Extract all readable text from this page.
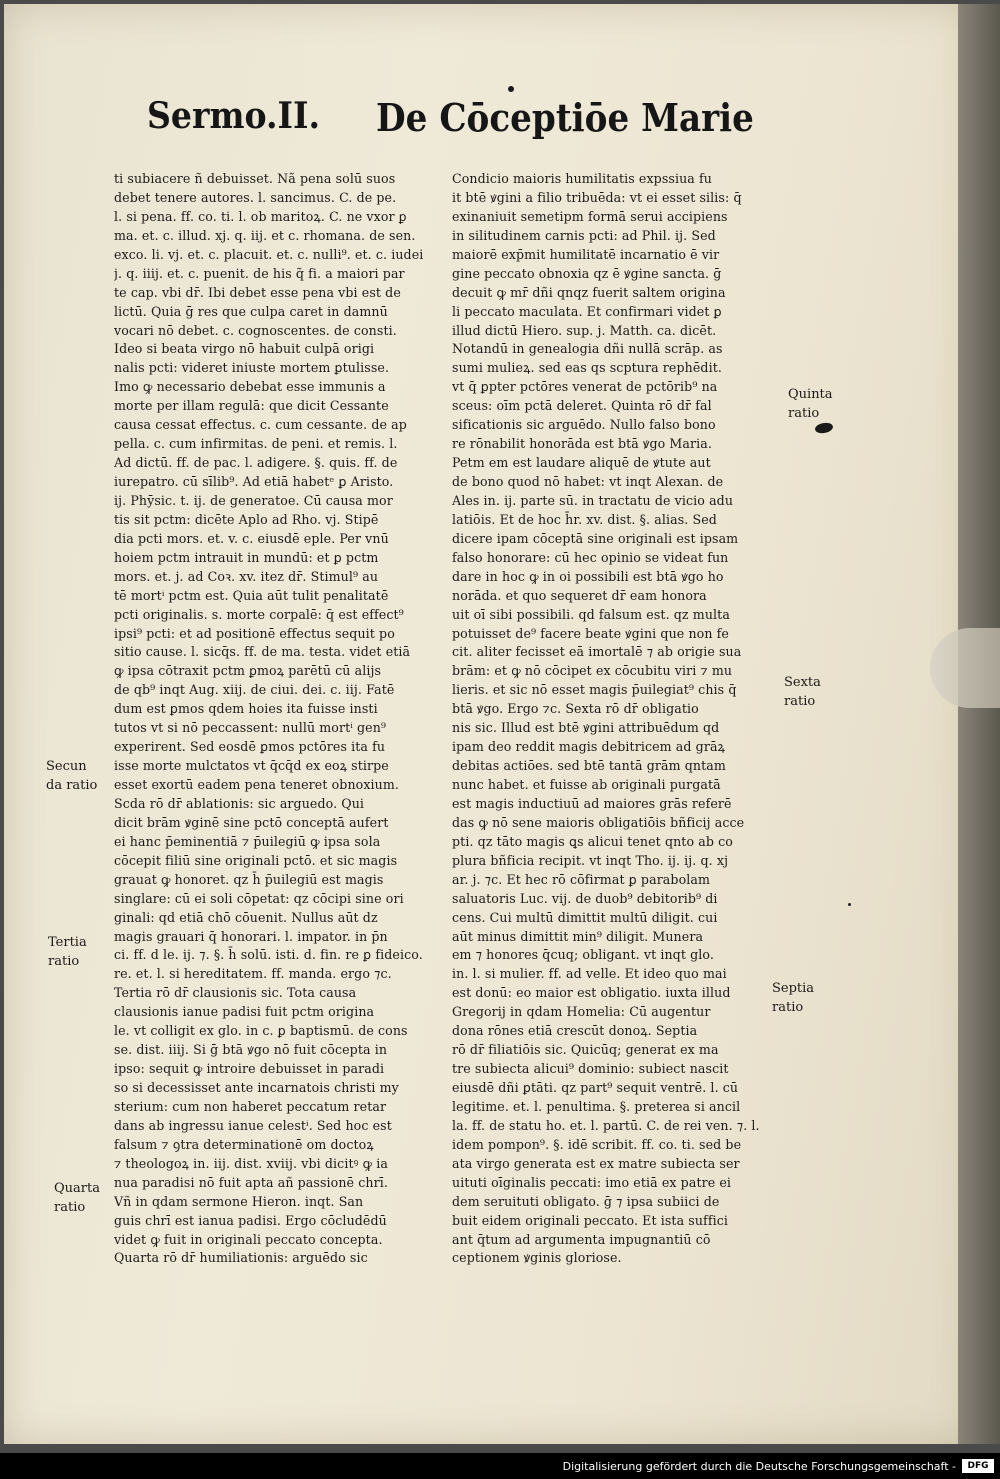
Sermo.II. De Cōceptiōe Marie
ti subiacere ñ debuisset. Nã pena solū suos
debet tenere autores. l. sancimus. C. de pe.
l. si pena. ff. co. ti. l. ob maritoꝝ. C. ne vxor ꝑ
ma. et. c. illud. xj. q. iij. et c. rhomana. de sen.
exco. li. vj. et. c. placuit. et. c. nulli⁹. et. c. iudei
j. q. iiij. et. c. puenit. de his q̃ fi. a maiori par
te cap. vbi dr̄. Ibi debet esse pena vbi est de
lictū. Quia ḡ res que culpa caret in damnū
vocari nō debet. c. cognoscentes. de consti.
Ideo si beata virgo nō habuit culpā origi
nalis pcti: videret iniuste mortem ꝑtulisse.
Imo ꝙ necessario debebat esse immunis a
morte per illam regulā: que dicit Cessante
causa cessat effectus. c. cum cessante. de ap
pella. c. cum infirmitas. de peni. et remis. l.
Ad dictū. ff. de pac. l. adigere. §. quis. ff. de
iurepatro. cū sīlib⁹. Ad etiā habetᵉ ꝑ Aristo.
ij. Phȳsic. t. ij. de generatoe. Cū causa mor
tis sit pctm: dicēte Aplo ad Rho. vj. Stipē
dia pcti mors. et. v. c. eiusdē eple. Per vnū
hoiem pctm intrauit in mundū: et ꝑ pctm
mors. et. j. ad Coꝛ. xv. itez dr̄. Stimul⁹ au
tē mortⁱ pctm est. Quia aūt tulit penalitatē
pcti originalis. s. morte corpalē: q̄ est effect⁹
ipsi⁹ pcti: et ad positionē effectus sequit po
sitio cause. l. sicq̄s. ff. de ma. testa. videt etiā
ꝙ ipsa cōtraxit pctm ꝑmoꝝ parētū cū alijs
de qb⁹ inqt Aug. xiij. de ciui. dei. c. iij. Fatē
dum est ꝑmos qdem hoies ita fuisse insti
tutos vt si nō peccassent: nullū mortⁱ gen⁹
experirent. Sed eosdē ꝑmos pctōres ita fu
isse morte mulctatos vt q̄cq̄d ex eoꝝ stirpe
esset exortū eadem pena teneret obnoxium.
Scda rō dr̄ ablationis: sic arguedo. Qui
dicit brām ꝟginē sine pctō conceptā aufert
ei hanc p̄eminentiā ⁊ p̄uilegiū ꝙ ipsa sola
cōcepit filiū sine originali pctō. et sic magis
grauat ꝙ honoret. qz h̄ p̄uilegiū est magis
singlare: cū ei soli cōpetat: qz cōcipi sine ori
ginali: qd etiā chō cōuenit. Nullus aūt dz
magis grauari q̄ honorari. l. impator. in p̄n
ci. ff. d le. ij. ⁊. §. h̄ solū. isti. d. fin. re ꝑ fideico.
re. et. l. si hereditatem. ff. manda. ergo ⁊c.
Tertia rō dr̄ clausionis sic. Tota causa
clausionis ianue padisi fuit pctm origina
le. vt colligit ex glo. in c. ꝑ baptismū. de cons
se. dist. iiij. Si ḡ btā ꝟgo nō fuit cōcepta in
ipso: sequit ꝙ introire debuisset in paradi
so si decessisset ante incarnatois christi my
sterium: cum non haberet peccatum retar
dans ab ingressu ianue celestⁱ. Sed hoc est
falsum ⁊ ꝯtra determinationē om doctoꝝ
⁊ theologoꝝ in. iij. dist. xviij. vbi dicitꝰ ꝙ ia
nua paradisi nō fuit apta añ passionē chrī.
Vñ in qdam sermone Hieron. inqt. San
guis chrī est ianua padisi. Ergo cōcludēdū
videt ꝙ fuit in originali peccato concepta.
Quarta rō dr̄ humiliationis: arguēdo sic
Condicio maioris humilitatis expssiua fu
it btē ꝟgini a filio tribuēda: vt ei esset silis: q̄
exinaniuit semetipm formā serui accipiens
in silitudinem carnis pcti: ad Phil. ij. Sed
maiorē exp̄mit humilitatē incarnatio ē vir
gine peccato obnoxia qz ē ꝟgine sancta. ḡ
decuit ꝙ mr̄ dñi qnqz fuerit saltem origina
li peccato maculata. Et confirmari videt ꝑ
illud dictū Hiero. sup. j. Matth. ca. dicēt.
Notandū in genealogia dñi nullā scrāp. as
sumi mulieꝝ. sed eas qs scptura rephēdit.
vt q̄ ꝑpter pctōres venerat de pctōrib⁹ na
sceus: oīm pctā deleret. Quinta rō dr̄ fal
sificationis sic arguēdo. Nullo falso bono
re rōnabilit honorāda est btā ꝟgo Maria.
Petm em est laudare aliquē de ꝟtute aut
de bono quod nō habet: vt inqt Alexan. de
Ales in. ij. parte sū. in tractatu de vicio adu
latiōis. Et de hoc h̄r. xv. dist. §. alias. Sed
dicere ipam cōceptā sine originali est ipsam
falso honorare: cū hec opinio se videat fun
dare in hoc ꝙ in oi possibili est btā ꝟgo ho
norāda. et quo sequeret dr̄ eam honora
uit oī sibi possibili. qd falsum est. qz multa
potuisset de⁹ facere beate ꝟgini que non fe
cit. aliter fecisset eā imortalē ⁊ ab origie sua
brām: et ꝙ nō cōcipet ex cōcubitu viri ⁊ mu
lieris. et sic nō esset magis p̄uilegiat⁹ chis q̄
btā ꝟgo. Ergo ⁊c. Sexta rō dr̄ obligatio
nis sic. Illud est btē ꝟgini attribuēdum qd
ipam deo reddit magis debitricem ad grāꝝ
debitas actiōes. sed btē tantā grām qntam
nunc habet. et fuisse ab originali purgatā
est magis inductiuū ad maiores grās referē
das ꝙ nō sene maioris obligatiōis bñficij acce
pti. qz tāto magis ꝗs alicui tenet qnto ab co
plura bñficia recipit. vt inqt Tho. ij. ij. q. xj
ar. j. ⁊c. Et hec rō cōfirmat ꝑ parabolam
saluatoris Luc. vij. de duob⁹ debitorib⁹ di
cens. Cui multū dimittit multū diligit. cui
aūt minus dimittit min⁹ diligit. Munera
em ⁊ honores q̄cuq; obligant. vt inqt glo.
in. l. si mulier. ff. ad velle. Et ideo quo mai
est donū: eo maior est obligatio. iuxta illud
Gregorij in qdam Homelia: Cū augentur
dona rōnes etiā crescūt donoꝝ. Septia
rō dr̄ filiatiōis sic. Quicūq; generat ex ma
tre subiecta alicui⁹ dominio: subiect nascit
eiusdē dñi ꝑtāti. qz part⁹ sequit ventrē. l. cū
legitime. et. l. penultima. §. preterea si ancil
la. ff. de statu ho. et. l. partū. C. de rei ven. ⁊. l.
idem pompon⁹. §. idē scribit. ff. co. ti. sed be
ata virgo generata est ex matre subiecta ser
uituti oīginalis peccati: imo etiā ex patre ei
dem seruituti obligato. ḡ ⁊ ipsa subiici de
buit eidem originali peccato. Et ista suffici
ant q̄tum ad argumenta impugnantiū cō
ceptionem ꝟginis gloriose.
Secun
da ratio
Tertia
ratio
Quarta
ratio
Quinta
ratio
Sexta
ratio
Septia
ratio
Digitalisierung gefördert durch die Deutsche Forschungsgemeinschaft -	DFG
